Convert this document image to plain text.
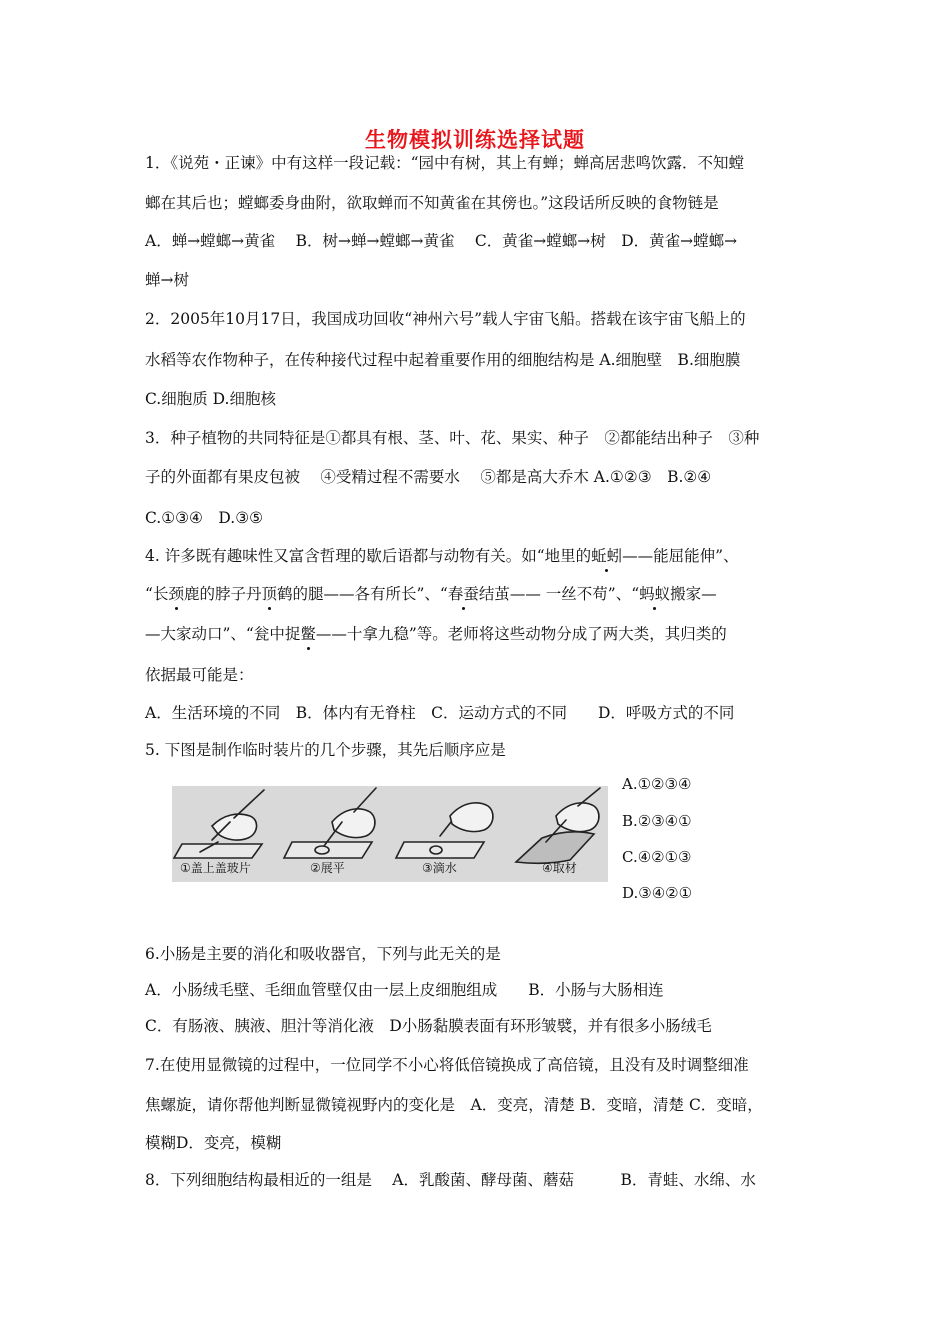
生物模拟训练选择试题
1．《说苑・正谏》中有这样一段记载：“园中有树，其上有蝉；蝉高居悲鸣饮露．不知螳
螂在其后也；螳螂委身曲附，欲取蝉而不知黄雀在其傍也。”这段话所反映的食物链是
A．蝉→螳螂→黄雀　 B．树→蝉→螳螂→黄雀　 C．黄雀→螳螂→树　D．黄雀→螳螂→
蝉→树
2．2005年10月17日，我国成功回收“神州六号”载人宇宙飞船。搭载在该宇宙飞船上的
水稻等农作物种子，在传种接代过程中起着重要作用的细胞结构是 A.细胞壁　B.细胞膜
C.细胞质 D.细胞核
3．种子植物的共同特征是①都具有根、茎、叶、花、果实、种子　②都能结出种子　③种
子的外面都有果皮包被　 ④受精过程不需要水　 ⑤都是高大乔木 A.①②③　B.②④
C.①③④　D.③⑤
4. 许多既有趣味性又富含哲理的歇后语都与动物有关。如“地里的蚯蚓——能屈能伸”、
“长颈鹿的脖子丹顶鹤的腿——各有所长”、“春蚕结茧—— 一丝不苟”、“蚂蚁搬家—
—大家动口”、“瓮中捉鳖——十拿九稳”等。老师将这些动物分成了两大类，其归类的
依据最可能是：
A．生活环境的不同　B．体内有无脊柱　C．运动方式的不同　　D．呼吸方式的不同
5. 下图是制作临时装片的几个步骤，其先后顺序应是
①盖上盖玻片	②展平	③滴水	④取材
A.①②③④
B.②③④①
C.④②①③
D.③④②①
6.小肠是主要的消化和吸收器官，下列与此无关的是
A．小肠绒毛壁、毛细血管壁仅由一层上皮细胞组成　　B．小肠与大肠相连
C．有肠液、胰液、胆汁等消化液　D小肠黏膜表面有环形皱襞，并有很多小肠绒毛
7.在使用显微镜的过程中，一位同学不小心将低倍镜换成了高倍镜，且没有及时调整细准
焦螺旋，请你帮他判断显微镜视野内的变化是　A．变亮，清楚 B．变暗，清楚 C．变暗，
模糊D．变亮，模糊
8．下列细胞结构最相近的一组是　 A．乳酸菌、酵母菌、蘑菇　　　B．青蛙、水绵、水
